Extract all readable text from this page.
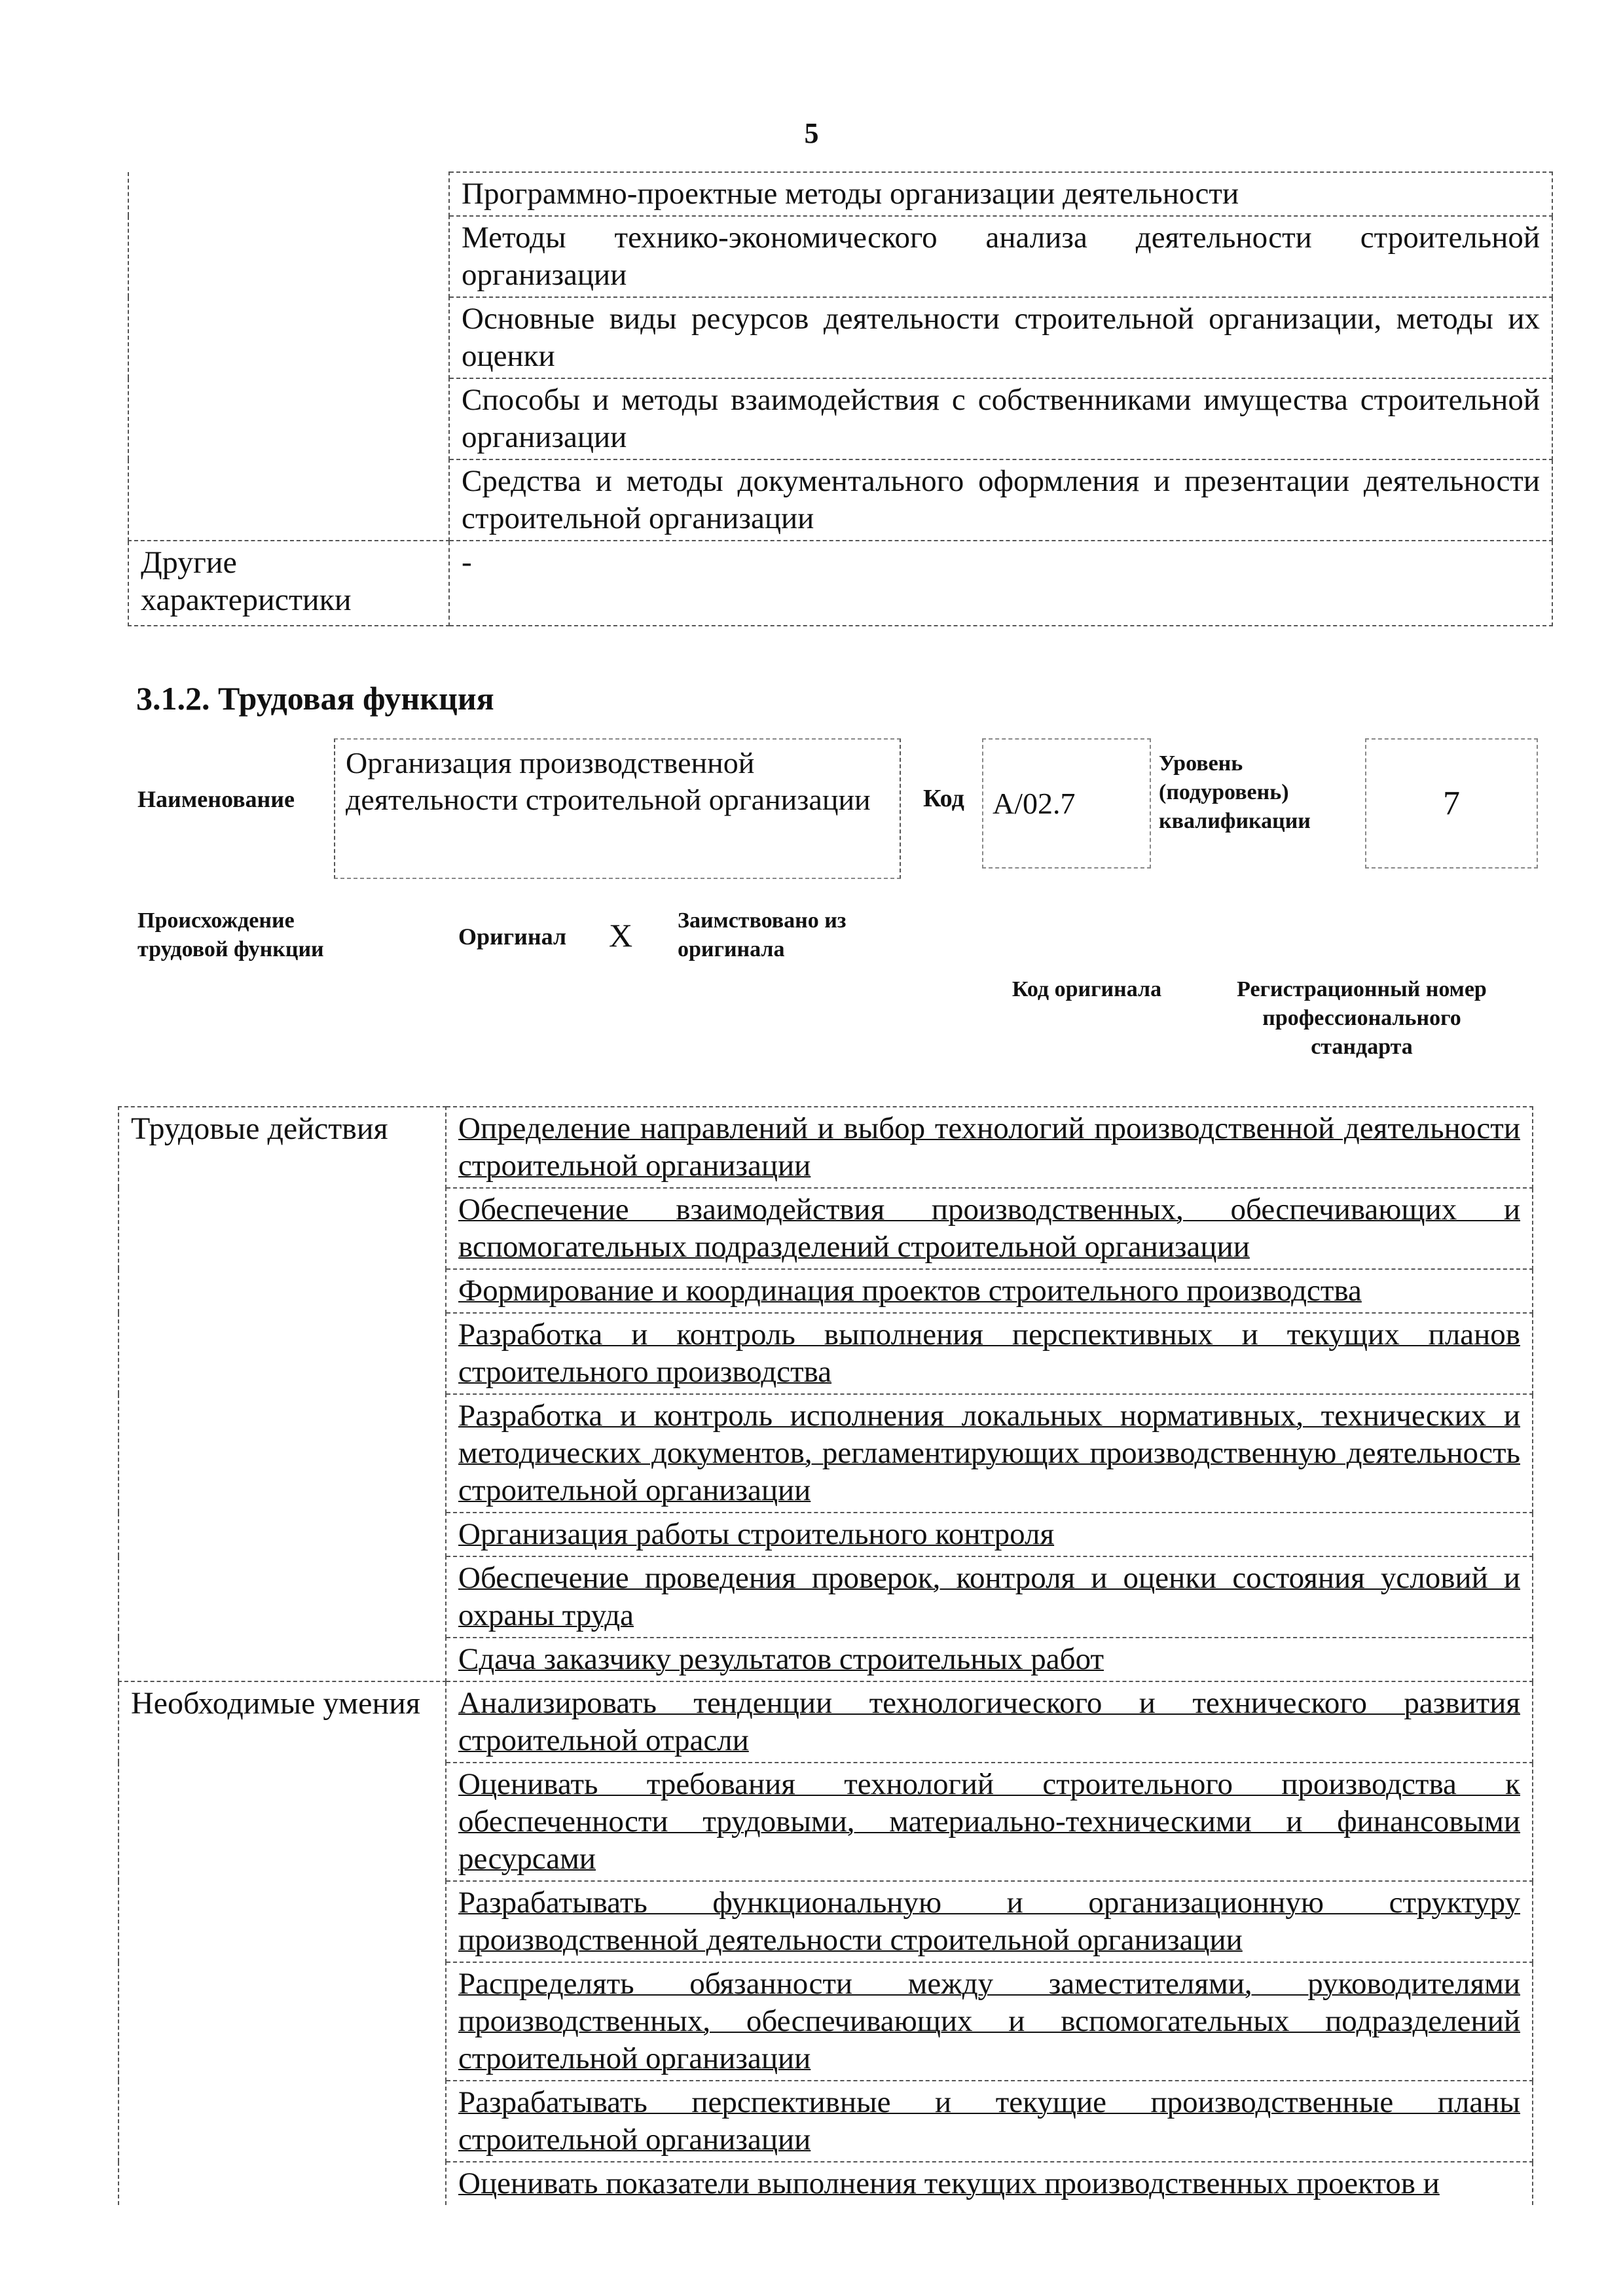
5
	Программно-проектные методы организации деятельности
	Методы технико-экономического анализа деятельности строительной организации
	Основные виды ресурсов деятельности строительной организации, методы их оценки
	Способы и методы взаимодействия с собственниками имущества строительной организации
	Средства и методы документального оформления и презентации деятельности строительной организации
Другие характеристики	-
3.1.2. Трудовая функция
Наименование
Организация производственной деятельности строительной организации	Код A/02.7
Уровень (подуровень) квалификации	7
Происхождение трудовой функции	Оригинал X Заимствовано из оригинала
Код оригинала	Регистрационный номер профессионального стандарта
Трудовые действия	Определение направлений и выбор технологий производственной деятельности строительной организации
	Обеспечение взаимодействия производственных, обеспечивающих и вспомогательных подразделений строительной организации
	Формирование и координация проектов строительного производства
	Разработка и контроль выполнения перспективных и текущих планов строительного производства
	Разработка и контроль исполнения локальных нормативных, технических и методических документов, регламентирующих производственную деятельность строительной организации
	Организация работы строительного контроля
	Обеспечение проведения проверок, контроля и оценки состояния условий и охраны труда
	Сдача заказчику результатов строительных работ
Необходимые умения	Анализировать тенденции технологического и технического развития строительной отрасли
	Оценивать требования технологий строительного производства к обеспеченности трудовыми, материально-техническими и финансовыми ресурсами
	Разрабатывать функциональную и организационную структуру производственной деятельности строительной организации
	Распределять обязанности между заместителями, руководителями производственных, обеспечивающих и вспомогательных подразделений строительной организации
	Разрабатывать перспективные и текущие производственные планы строительной организации
	Оценивать показатели выполнения текущих производственных проектов и
